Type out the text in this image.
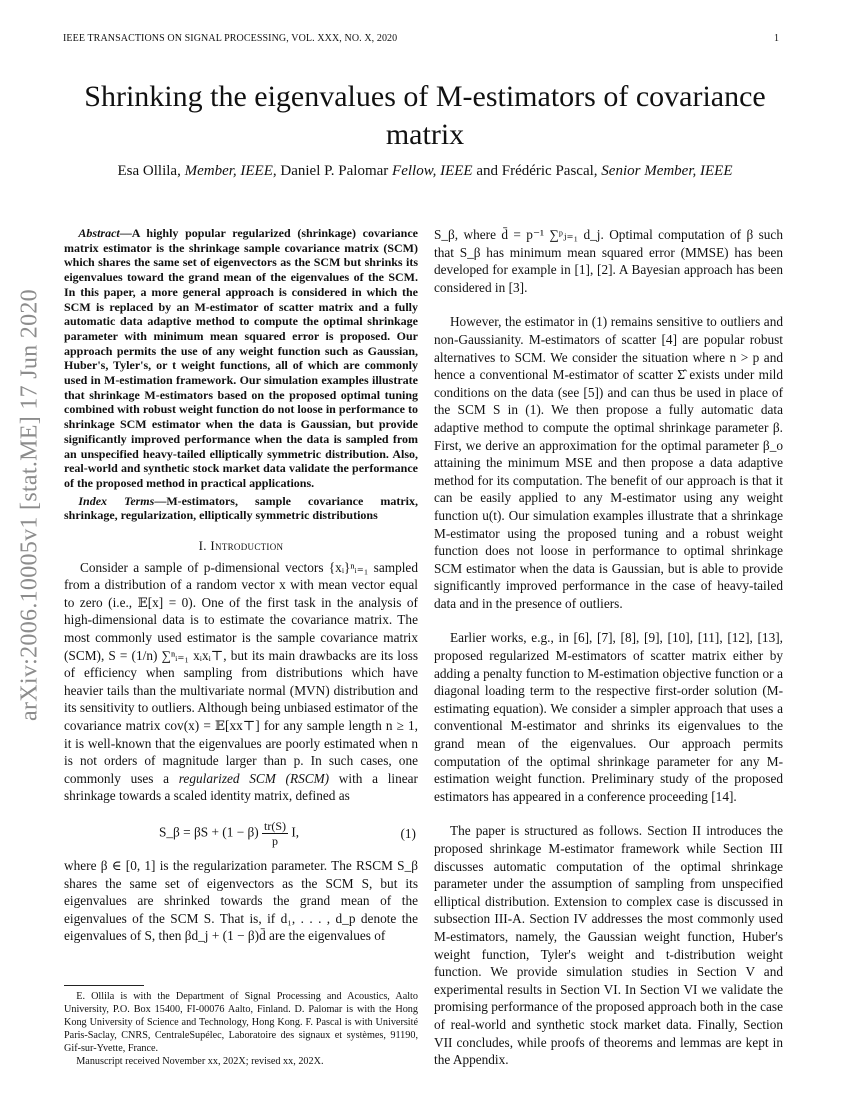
IEEE TRANSACTIONS ON SIGNAL PROCESSING, VOL. XXX, NO. X, 2020	1
arXiv:2006.10005v1 [stat.ME] 17 Jun 2020
Shrinking the eigenvalues of M-estimators of covariance matrix
Esa Ollila, Member, IEEE, Daniel P. Palomar Fellow, IEEE and Frédéric Pascal, Senior Member, IEEE
Abstract—A highly popular regularized (shrinkage) covariance matrix estimator is the shrinkage sample covariance matrix (SCM) which shares the same set of eigenvectors as the SCM but shrinks its eigenvalues toward the grand mean of the eigenvalues of the SCM. In this paper, a more general approach is considered in which the SCM is replaced by an M-estimator of scatter matrix and a fully automatic data adaptive method to compute the optimal shrinkage parameter with minimum mean squared error is proposed. Our approach permits the use of any weight function such as Gaussian, Huber's, Tyler's, or t weight functions, all of which are commonly used in M-estimation framework. Our simulation examples illustrate that shrinkage M-estimators based on the proposed optimal tuning combined with robust weight function do not loose in performance to shrinkage SCM estimator when the data is Gaussian, but provide significantly improved performance when the data is sampled from an unspecified heavy-tailed elliptically symmetric distribution. Also, real-world and synthetic stock market data validate the performance of the proposed method in practical applications.
Index Terms—M-estimators, sample covariance matrix, shrinkage, regularization, elliptically symmetric distributions
I. Introduction

Consider a sample of p-dimensional vectors {xᵢ}ⁿᵢ₌₁ sampled from a distribution of a random vector x with mean vector equal to zero (i.e., 𝔼[x] = 0). One of the first task in the analysis of high-dimensional data is to estimate the covariance matrix. The most commonly used estimator is the sample covariance matrix (SCM), S = (1/n) ∑ⁿᵢ₌₁ xᵢxᵢ⊤, but its main drawbacks are its loss of efficiency when sampling from distributions which have heavier tails than the multivariate normal (MVN) distribution and its sensitivity to outliers. Although being unbiased estimator of the covariance matrix cov(x) = 𝔼[xx⊤] for any sample length n ≥ 1, it is well-known that the eigenvalues are poorly estimated when n is not orders of magnitude larger than p. In such cases, one commonly uses a regularized SCM (RSCM) with a linear shrinkage towards a scaled identity matrix, defined as

S_β = $\beta S + (1 - \beta) \frac{tr(S)}{p} I$,	(1)

where β ∈ [0, 1] is the regularization parameter. The RSCM S_β shares the same set of eigenvectors as the SCM S, but its eigenvalues are shrinked towards the grand mean of the eigenvalues of the SCM S. That is, if d₁, . . . , d_p denote the eigenvalues of S, then βd_j + (1 − β)d̄ are the eigenvalues of

E. Ollila is with the Department of Signal Processing and Acoustics, Aalto University, P.O. Box 15400, FI-00076 Aalto, Finland. D. Palomar is with the Hong Kong University of Science and Technology, Hong Kong. F. Pascal is with Université Paris-Saclay, CNRS, CentraleSupélec, Laboratoire des signaux et systèmes, 91190, Gif-sur-Yvette, France.

Manuscript received November xx, 202X; revised xx, 202X.

S_β, where d̄ = p⁻¹ ∑ᵖⱼ₌₁ d_j. Optimal computation of β such that S_β has minimum mean squared error (MMSE) has been developed for example in [1], [2]. A Bayesian approach has been considered in [3].

However, the estimator in (1) remains sensitive to outliers and non-Gaussianity. M-estimators of scatter [4] are popular robust alternatives to SCM. We consider the situation where n > p and hence a conventional M-estimator of scatter Σ̂ exists under mild conditions on the data (see [5]) and can thus be used in place of the SCM S in (1). We then propose a fully automatic data adaptive method to compute the optimal shrinkage parameter β. First, we derive an approximation for the optimal parameter β_o attaining the minimum MSE and then propose a data adaptive method for its computation. The benefit of our approach is that it can be easily applied to any M-estimator using any weight function u(t). Our simulation examples illustrate that a shrinkage M-estimator using the proposed tuning and a robust weight function does not loose in performance to optimal shrinkage SCM estimator when the data is Gaussian, but is able to provide significantly improved performance in the case of heavy-tailed data and in the presence of outliers.

Earlier works, e.g., in [6], [7], [8], [9], [10], [11], [12], [13], proposed regularized M-estimators of scatter matrix either by adding a penalty function to M-estimation objective function or a diagonal loading term to the respective first-order solution (M-estimating equation). We consider a simpler approach that uses a conventional M-estimator and shrinks its eigenvalues to the grand mean of the eigenvalues. Our approach permits computation of the optimal shrinkage parameter for any M-estimation weight function. Preliminary study of the proposed estimators has appeared in a conference proceeding [14].

The paper is structured as follows. Section II introduces the proposed shrinkage M-estimator framework while Section III discusses automatic computation of the optimal shrinkage parameter under the assumption of sampling from unspecified elliptical distribution. Extension to complex case is discussed in subsection III-A. Section IV addresses the most commonly used M-estimators, namely, the Gaussian weight function, Huber's weight function, Tyler's weight and t-distribution weight function. We provide simulation studies in Section V and experimental results in Section VI. In Section VI we validate the promising performance of the proposed approach both in the case of real-world and synthetic stock market data. Finally, Section VII concludes, while proofs of theorems and lemmas are kept in the Appendix.
